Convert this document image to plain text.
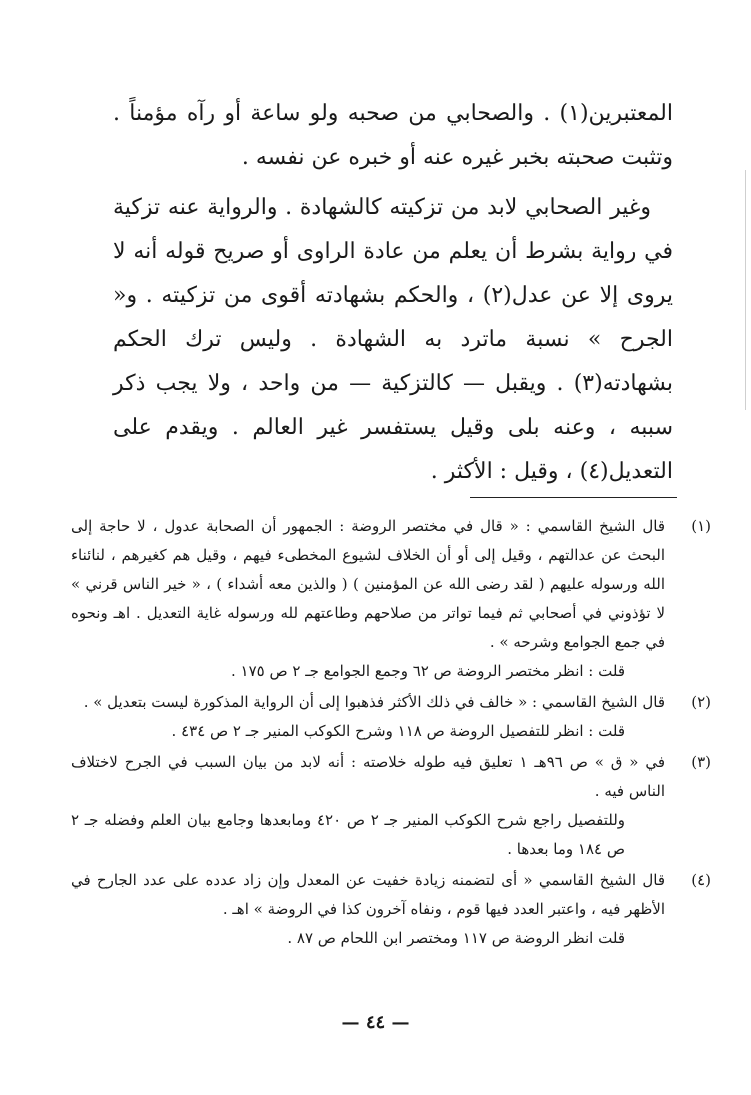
المعتبرين(١) . والصحابي من صحبه ولو ساعة أو رآه مؤمناً . وتثبت صحبته بخبر غيره عنه أو خبره عن نفسه .

وغير الصحابي لابد من تزكيته كالشهادة . والرواية عنه تزكية في رواية بشرط أن يعلم من عادة الراوى أو صريح قوله أنه لا يروى إلا عن عدل(٢) ، والحكم بشهادته أقوى من تزكيته . و« الجرح » نسبة ماترد به الشهادة . وليس ترك الحكم بشهادته(٣) . ويقبل — كالتزكية — من واحد ، ولا يجب ذكر سببه ، وعنه بلى وقيل يستفسر غير العالم . ويقدم على التعديل(٤) ، وقيل : الأكثر .

(١)

قال الشيخ القاسمي : « قال في مختصر الروضة : الجمهور أن الصحابة عدول ، لا حاجة إلى البحث عن عدالتهم ، وقيل إلى أو أن الخلاف لشيوع المخطىء فيهم ، وقيل هم كغيرهم ، لنائناء الله ورسوله عليهم ( لقد رضى الله عن المؤمنين ) ( والذين معه أشداء ) ، « خير الناس قرني » لا تؤذوني في أصحابي ثم فيما تواتر من صلاحهم وطاعتهم لله ورسوله غاية التعديل . اهـ ونحوه في جمع الجوامع وشرحه » .

قلت : انظر مختصر الروضة ص ٦٢ وجمع الجوامع جـ ٢ ص ١٧٥ .

(٢)

قال الشيخ القاسمي : « خالف في ذلك الأكثر فذهبوا إلى أن الرواية المذكورة ليست بتعديل » .

قلت : انظر للتفصيل الروضة ص ١١٨ وشرح الكوكب المنير جـ ٢ ص ٤٣٤ .

(٣)

في « ق » ص ٩٦هـ ١ تعليق فيه طوله خلاصته : أنه لابد من بيان السبب في الجرح لاختلاف الناس فيه .

وللتفصيل راجع شرح الكوكب المنير جـ ٢ ص ٤٢٠ ومابعدها وجامع بيان العلم وفضله جـ ٢ ص ١٨٤ وما بعدها .

(٤)

قال الشيخ القاسمي « أى لتضمنه زيادة خفيت عن المعدل وإن زاد عدده على عدد الجارح في الأظهر فيه ، واعتبر العدد فيها قوم ، ونفاه آخرون كذا في الروضة » اهـ .

قلت انظر الروضة ص ١١٧ ومختصر ابن اللحام ص ٨٧ .

— ٤٤ —
